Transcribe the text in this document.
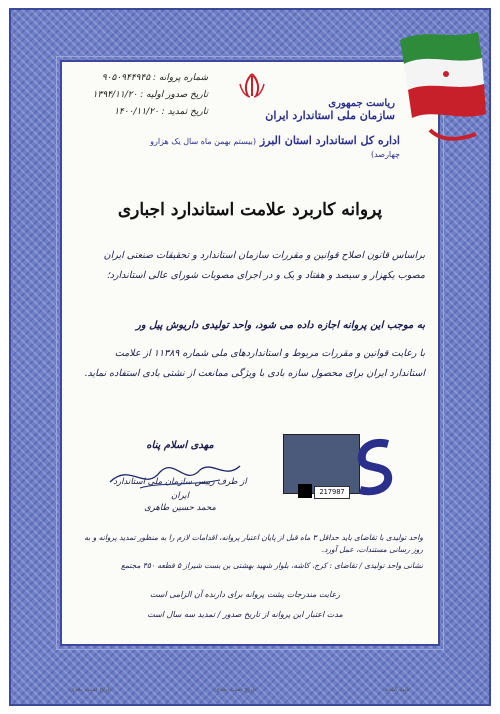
شماره پروانه : ۹۰۵۰۹۴۴۹۴۵
تاریخ صدور اولیه : ۱۳۹۴/۱۱/۲۰
تاریخ تمدید : ۱۴۰۰/۱۱/۲۰
ریاست جمهوری
سازمان ملی استاندارد ایران
اداره کل استاندارد استان البرز (بیستم بهمن ماه سال یک هزارو چهارصد)
پروانه کاربرد علامت استاندارد اجباری
براساس قانون اصلاح قوانین و مقررات سازمان استاندارد و تحقیقات صنعتی ایران مصوب یکهزار و سیصد و هفتاد و یک و در اجرای مصوبات شورای عالی استاندارد؛
به موجب این پروانه اجازه داده می شود، واحد تولیدی داریوش پیل ور
با رعایت قوانین و مقررات مربوط و استانداردهای ملی شماره ۱۱۳۸۹ از علامت استاندارد ایران برای محصول سازه بادی با ویژگی ممانعت از نشتی بادی استفاده نماید.
مهدی اسلام پناه
از طرف رییس سازمان ملی استاندارد ایران
محمد حسین طاهری
217987
واحد تولیدی با تقاضای باید حداقل ۳ ماه قبل از پایان اعتبار پروانه، اقدامات لازم را به منظور تمدید پروانه و به روز رسانی مستندات، عمل آورد.
نشانی واحد تولیدی / تقاضای : کرج، کاشه، بلوار شهید بهشتی بن بست شیراز ۵ قطعه ۴۵۰ مجتمع
رعایت مندرجات پشت پروانه برای دارنده آن الزامی است
مدت اعتبار این پروانه از تاریخ صدور / تمدید سه سال است
تاریخ تمدید بعدی	تاریخ تمدید بعدی	تایید کننده
